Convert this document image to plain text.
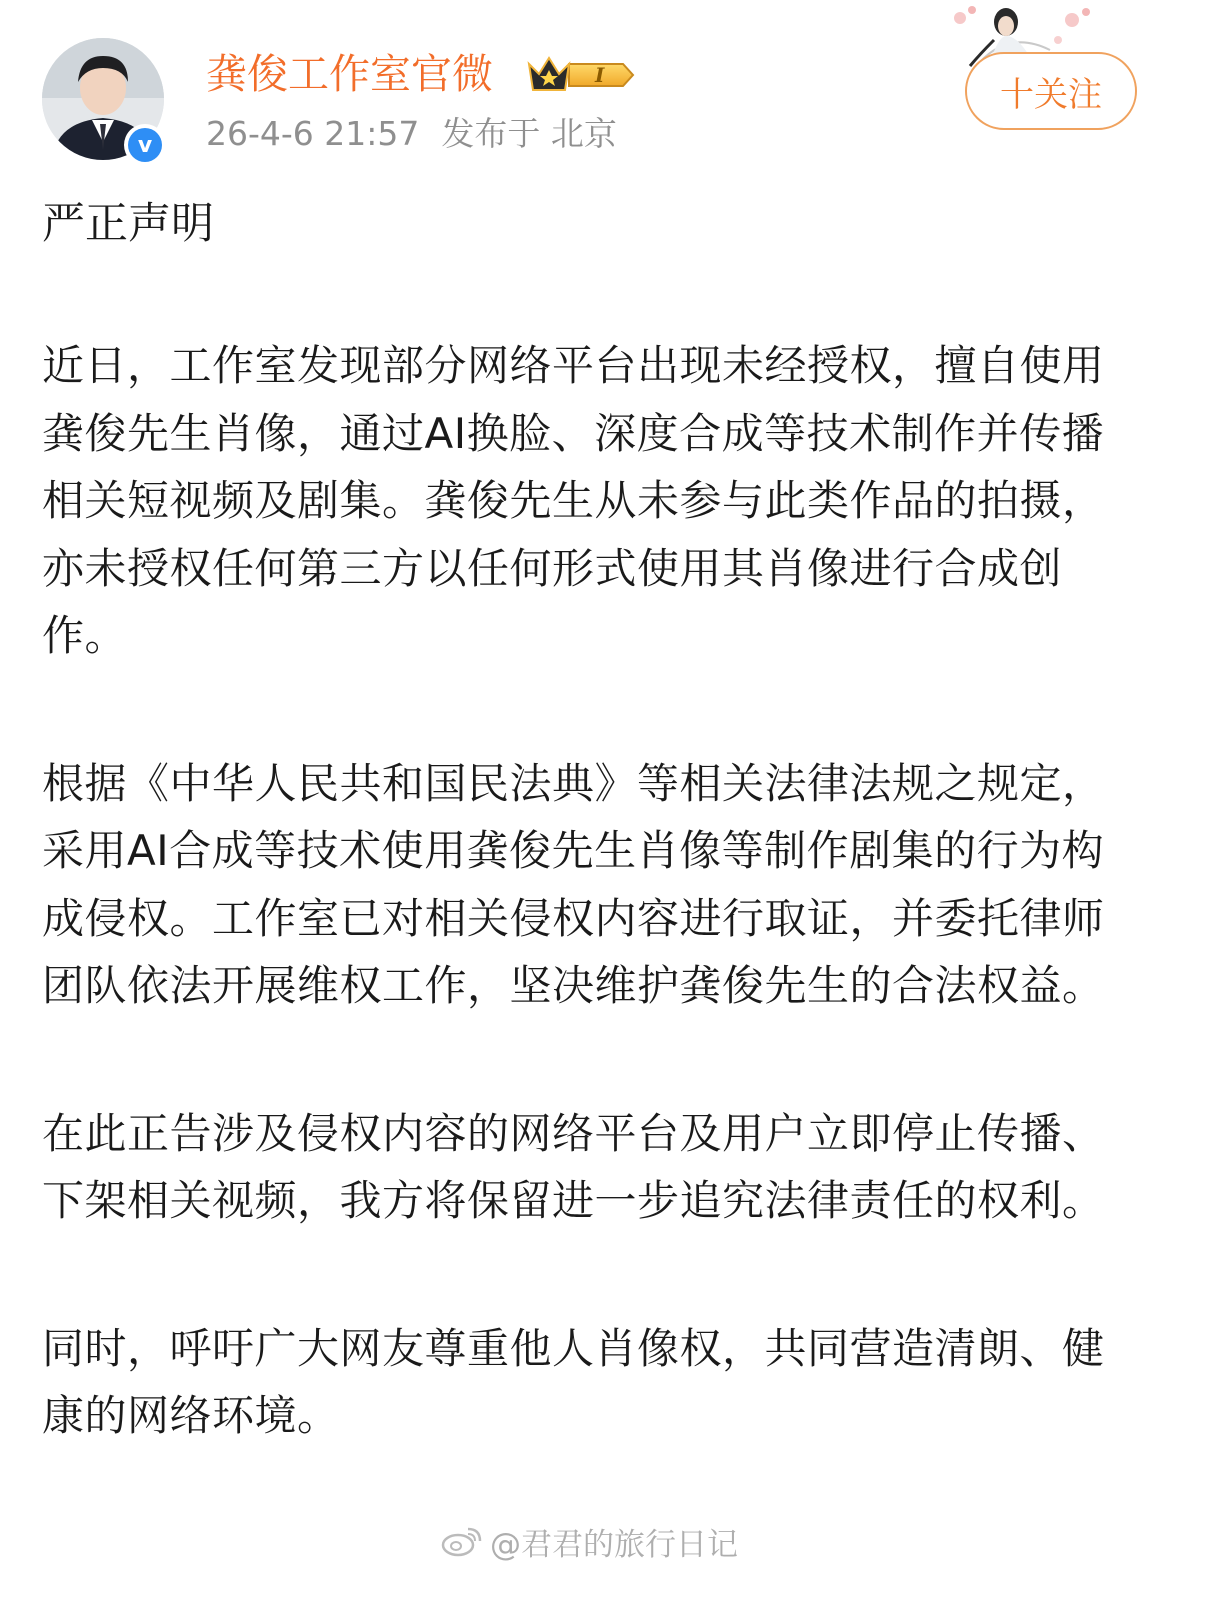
v
龚俊工作室官微	I
26-4-6 21:57 发布于 北京
十关注
严正声明

近日，工作室发现部分网络平台出现未经授权，擅自使用龚俊先生肖像，通过AI换脸、深度合成等技术制作并传播相关短视频及剧集。龚俊先生从未参与此类作品的拍摄，亦未授权任何第三方以任何形式使用其肖像进行合成创作。

根据《中华人民共和国民法典》等相关法律法规之规定，采用AI合成等技术使用龚俊先生肖像等制作剧集的行为构成侵权。工作室已对相关侵权内容进行取证，并委托律师团队依法开展维权工作，坚决维护龚俊先生的合法权益。

在此正告涉及侵权内容的网络平台及用户立即停止传播、下架相关视频，我方将保留进一步追究法律责任的权利。

同时，呼吁广大网友尊重他人肖像权，共同营造清朗、健康的网络环境。

@君君的旅行日记
